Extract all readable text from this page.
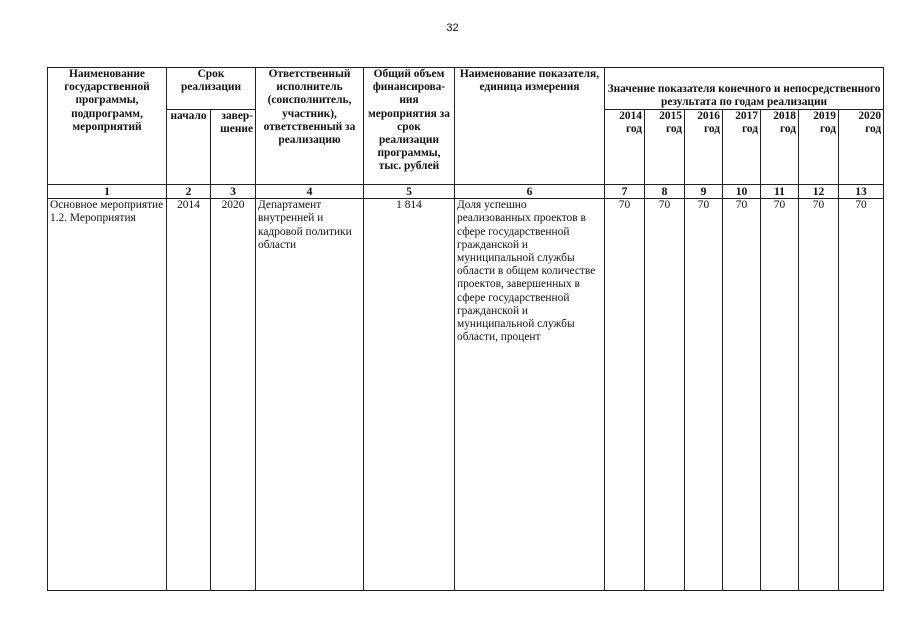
32
Наименование государственной программы, подпрограмм, мероприятий	Срок реализации		Ответственный исполнитель (соисполнитель, участник), ответственный за реализацию	Общий объем финансирова-ния мероприятия за срок реализации программы, тыс. рублей	Наименование показателя, единица измерения	Значение показателя конечного и непосредственного результата по годам реализации						
	начало	завер-шение				2014 год	2015 год	2016 год	2017 год	2018 год	2019 год	2020 год
1	2	3	4	5	6	7	8	9	10	11	12	13
Основное мероприятие 1.2. Мероприятия	2014	2020	Департамент внутренней и кадровой политики области	1 814	Доля успешно реализованных проектов в сфере государственной гражданской и муниципальной службы области в общем количестве проектов, завершенных в сфере государственной гражданской и муниципальной службы области, процент	70	70	70	70	70	70	70
